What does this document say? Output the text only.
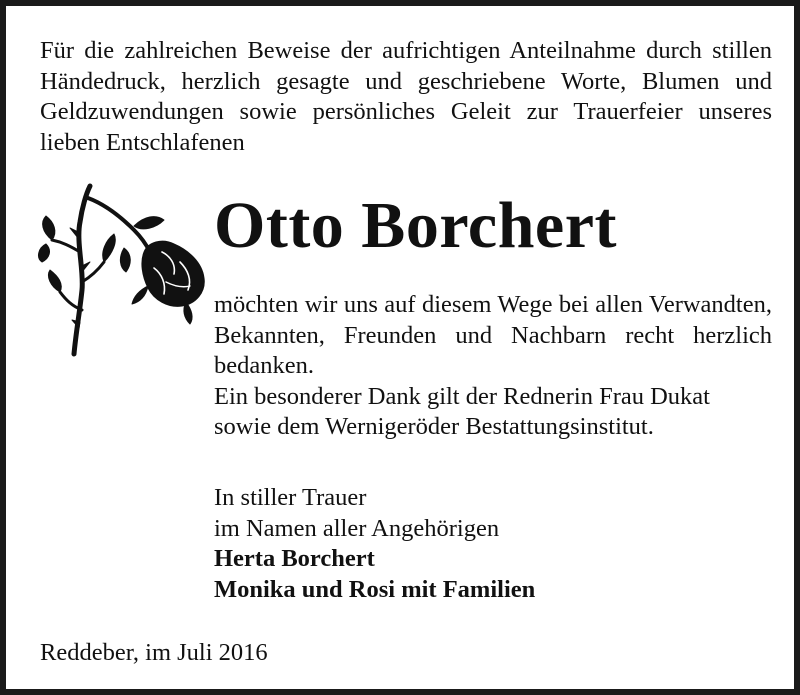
Für die zahlreichen Beweise der aufrichtigen Anteilnahme durch stillen Händedruck, herzlich gesagte und geschriebene Worte, Blumen und Geldzuwendungen sowie persönliches Geleit zur Trauerfeier unseres lieben Entschlafenen
Otto Borchert
möchten wir uns auf diesem Wege bei allen Verwandten, Bekannten, Freunden und Nachbarn recht herzlich bedanken.
Ein besonderer Dank gilt der Rednerin Frau Dukat sowie dem Wernigeröder Bestattungsinstitut.
In stiller Trauer
im Namen aller Angehörigen
Herta Borchert
Monika und Rosi mit Familien
Reddeber, im Juli 2016
